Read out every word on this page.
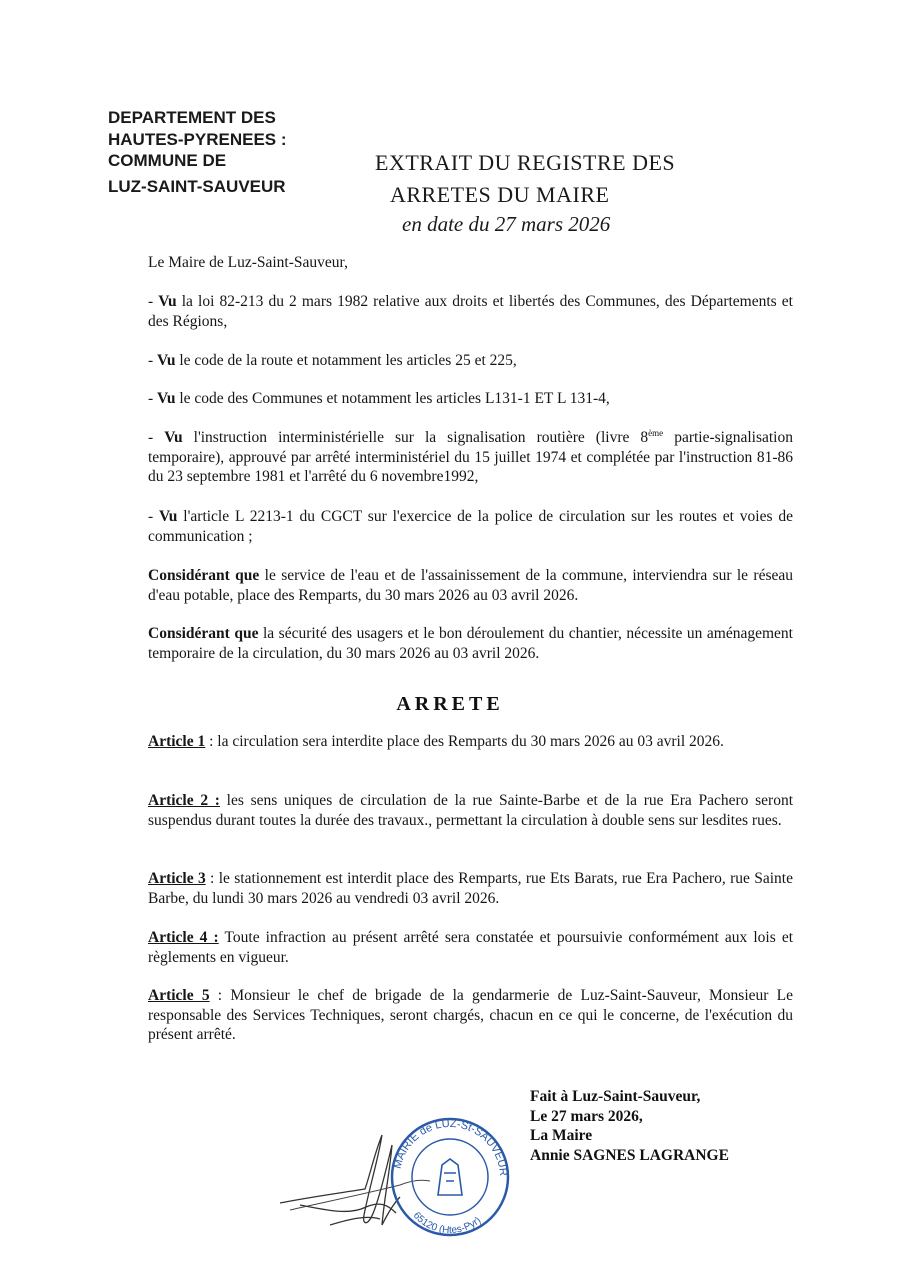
DEPARTEMENT DES
HAUTES-PYRENEES :
COMMUNE DE
LUZ-SAINT-SAUVEUR
EXTRAIT DU REGISTRE DES
ARRETES DU MAIRE
en date du 27 mars 2026
Le Maire de Luz-Saint-Sauveur,
- Vu la loi 82-213 du 2 mars 1982 relative aux droits et libertés des Communes, des Départements et des Régions,
- Vu le code de la route et notamment les articles 25 et 225,
- Vu le code des Communes et notamment les articles L131-1 ET L 131-4,
- Vu l'instruction interministérielle sur la signalisation routière (livre 8ème partie-signalisation temporaire), approuvé par arrêté interministériel du 15 juillet 1974 et complétée par l'instruction 81-86 du 23 septembre 1981 et l'arrêté du 6 novembre1992,
- Vu l'article L 2213-1 du CGCT sur l'exercice de la police de circulation sur les routes et voies de communication ;
Considérant que le service de l'eau et de l'assainissement de la commune, interviendra sur le réseau d'eau potable, place des Remparts, du 30 mars 2026 au 03 avril 2026.
Considérant que la sécurité des usagers et le bon déroulement du chantier, nécessite un aménagement temporaire de la circulation, du 30 mars 2026 au 03 avril 2026.
ARRETE
Article 1 : la circulation sera interdite place des Remparts du 30 mars 2026 au 03 avril 2026.
Article 2 : les sens uniques de circulation de la rue Sainte-Barbe et de la rue Era Pachero seront suspendus durant toutes la durée des travaux., permettant la circulation à double sens sur lesdites rues.
Article 3 : le stationnement est interdit place des Remparts, rue Ets Barats, rue Era Pachero, rue Sainte Barbe, du lundi 30 mars 2026 au vendredi 03 avril 2026.
Article 4 : Toute infraction au présent arrêté sera constatée et poursuivie conformément aux lois et règlements en vigueur.
Article 5 : Monsieur le chef de brigade de la gendarmerie de Luz-Saint-Sauveur, Monsieur Le responsable des Services Techniques, seront chargés, chacun en ce qui le concerne, de l'exécution du présent arrêté.
Fait à Luz-Saint-Sauveur,
Le 27 mars 2026,
La Maire
Annie SAGNES LAGRANGE
MAIRIE de LUZ-St-SAUVEUR
65120 (Htes-Pyr)
